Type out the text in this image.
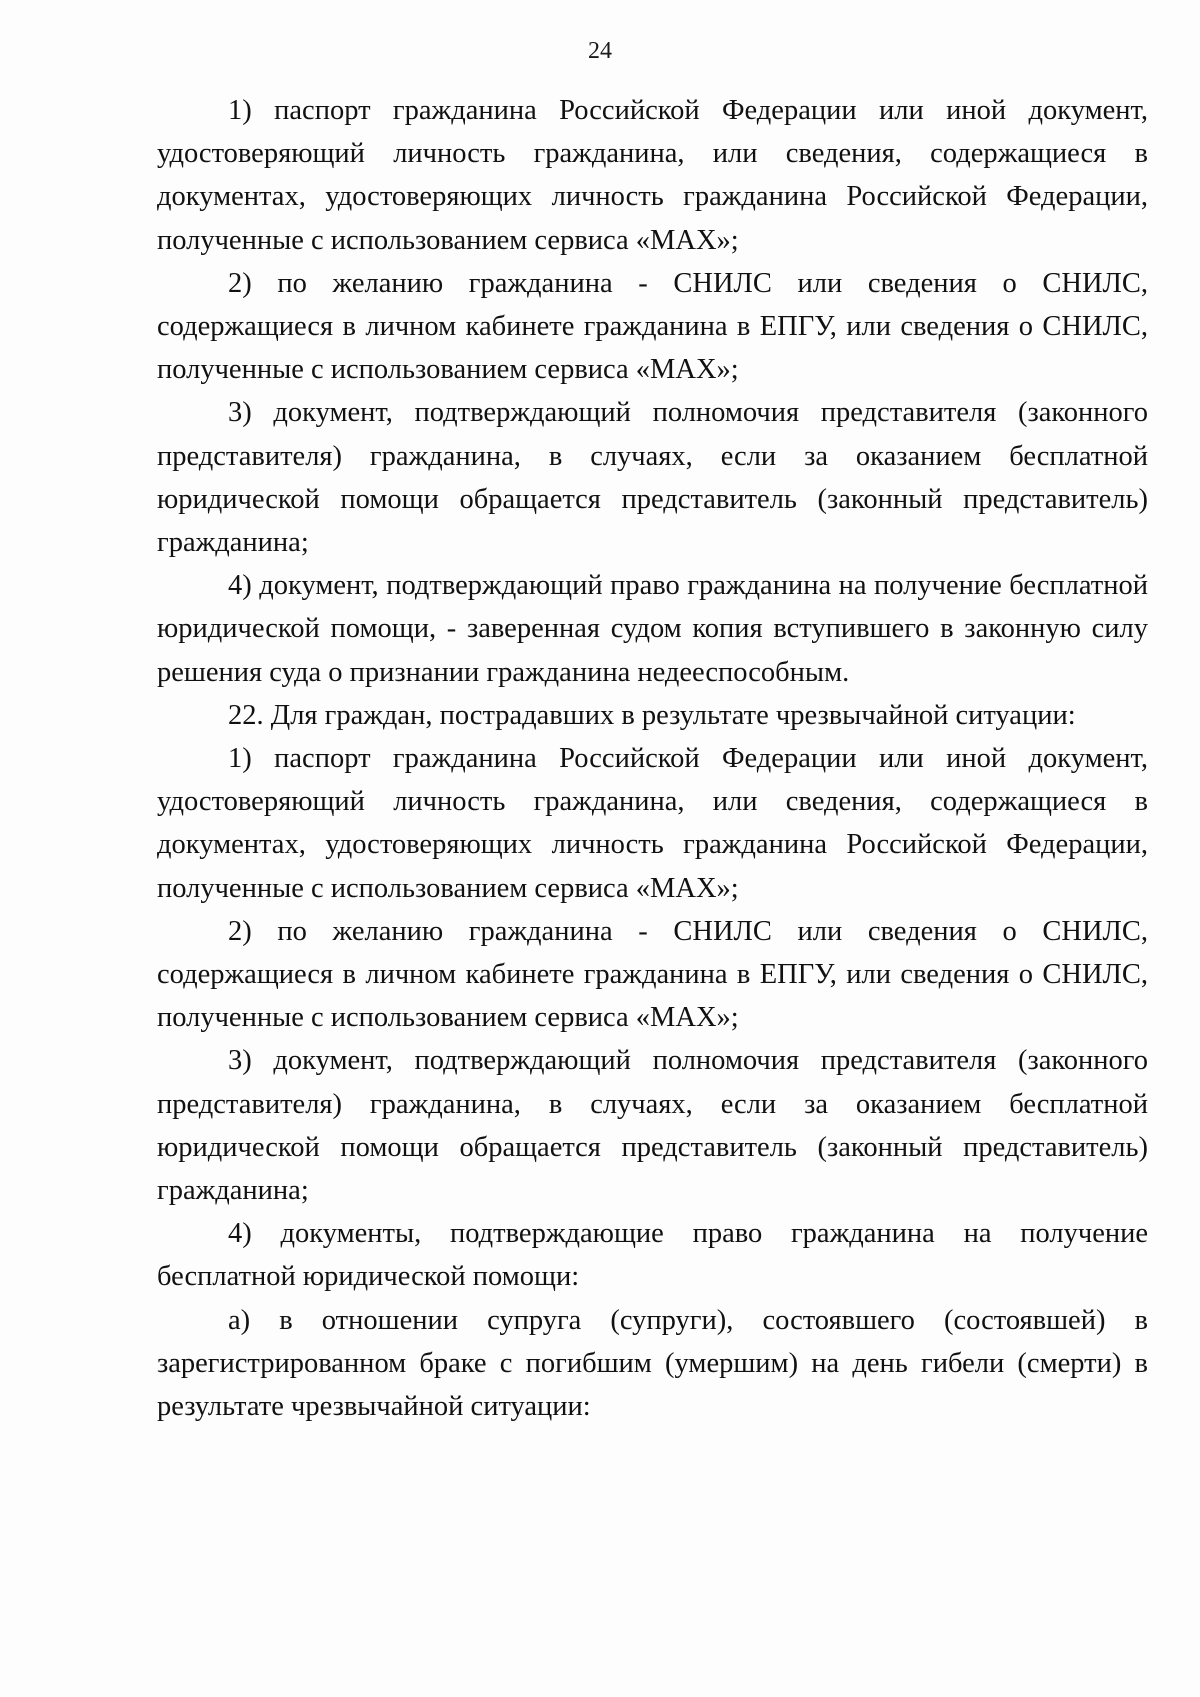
24

1) паспорт гражданина Российской Федерации или иной документ, удостоверяющий личность гражданина, или сведения, содержащиеся в документах, удостоверяющих личность гражданина Российской Федерации, полученные с использованием сервиса «МАХ»;

2) по желанию гражданина - СНИЛС или сведения о СНИЛС, содержащиеся в личном кабинете гражданина в ЕПГУ, или сведения о СНИЛС, полученные с использованием сервиса «МАХ»;

3) документ, подтверждающий полномочия представителя (законного представителя) гражданина, в случаях, если за оказанием бесплатной юридической помощи обращается представитель (законный представитель) гражданина;

4) документ, подтверждающий право гражданина на получение бесплатной юридической помощи, - заверенная судом копия вступившего в законную силу решения суда о признании гражданина недееспособным.

22. Для граждан, пострадавших в результате чрезвычайной ситуации:

1) паспорт гражданина Российской Федерации или иной документ, удостоверяющий личность гражданина, или сведения, содержащиеся в документах, удостоверяющих личность гражданина Российской Федерации, полученные с использованием сервиса «МАХ»;

2) по желанию гражданина - СНИЛС или сведения о СНИЛС, содержащиеся в личном кабинете гражданина в ЕПГУ, или сведения о СНИЛС, полученные с использованием сервиса «МАХ»;

3) документ, подтверждающий полномочия представителя (законного представителя) гражданина, в случаях, если за оказанием бесплатной юридической помощи обращается представитель (законный представитель) гражданина;

4) документы, подтверждающие право гражданина на получение бесплатной юридической помощи:

а) в отношении супруга (супруги), состоявшего (состоявшей) в зарегистрированном браке с погибшим (умершим) на день гибели (смерти) в результате чрезвычайной ситуации:
